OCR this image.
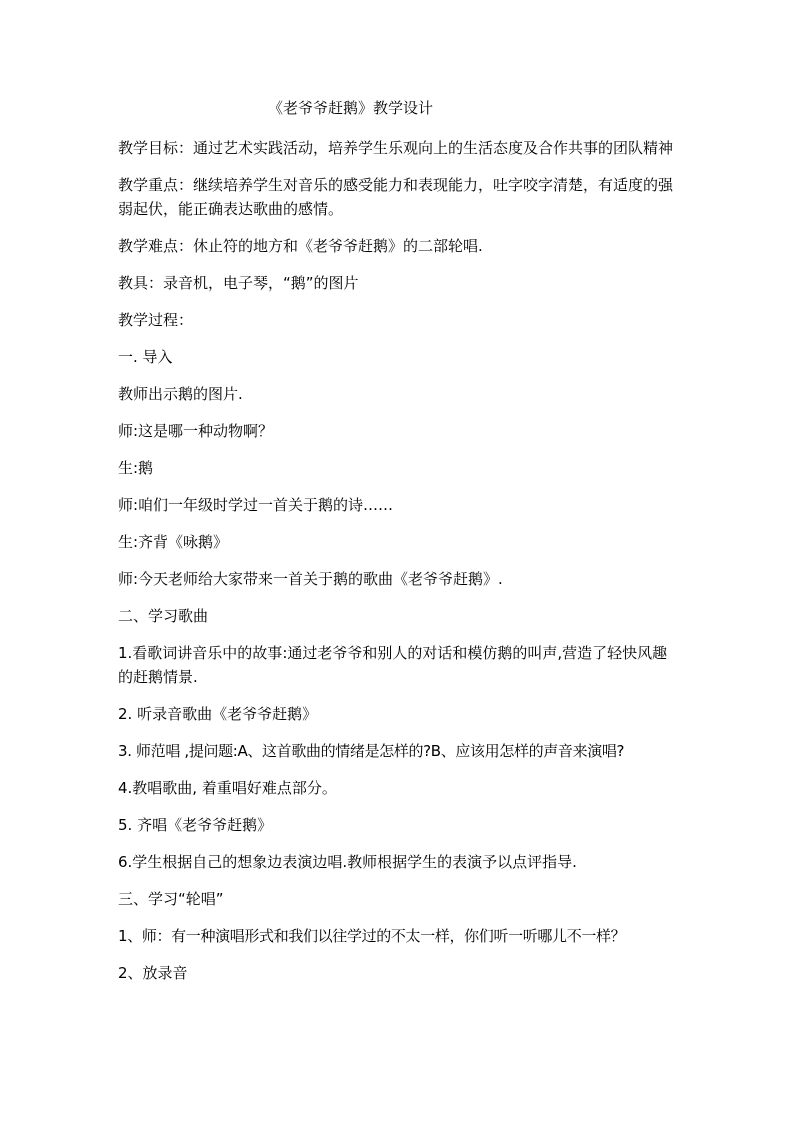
《老爷爷赶鹅》教学设计

教学目标：通过艺术实践活动，培养学生乐观向上的生活态度及合作共事的团队精神

教学重点：继续培养学生对音乐的感受能力和表现能力，吐字咬字清楚，有适度的强弱起伏，能正确表达歌曲的感情。

教学难点：休止符的地方和《老爷爷赶鹅》的二部轮唱.

教具：录音机，电子琴，“鹅”的图片

教学过程：

一. 导入

教师出示鹅的图片.

师:这是哪一种动物啊？

生:鹅

师:咱们一年级时学过一首关于鹅的诗……

生:齐背《咏鹅》

师:今天老师给大家带来一首关于鹅的歌曲《老爷爷赶鹅》.

二、学习歌曲

1.看歌词讲音乐中的故事:通过老爷爷和别人的对话和模仿鹅的叫声,营造了轻快风趣的赶鹅情景.

2. 听录音歌曲《老爷爷赶鹅》

3. 师范唱 ,提问题:A、这首歌曲的情绪是怎样的?B、应该用怎样的声音来演唱?

4.教唱歌曲, 着重唱好难点部分。

5. 齐唱《老爷爷赶鹅》

6.学生根据自己的想象边表演边唱.教师根据学生的表演予以点评指导.

三、学习“轮唱”

1、师：有一种演唱形式和我们以往学过的不太一样，你们听一听哪儿不一样？

2、放录音
